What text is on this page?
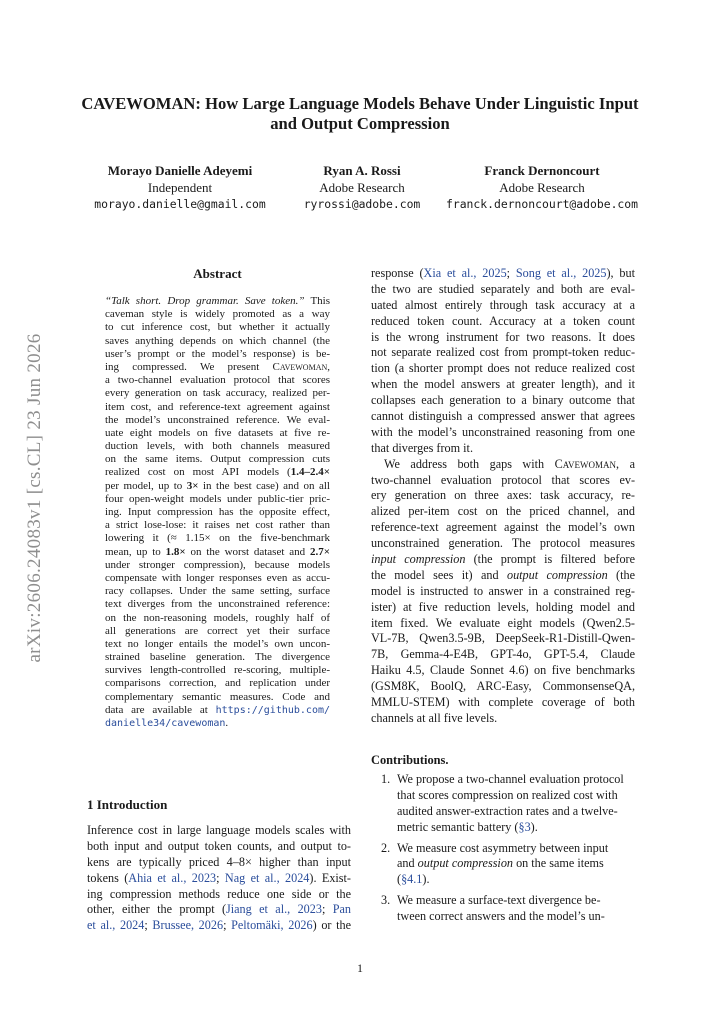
arXiv:2606.24083v1 [cs.CL] 23 Jun 2026
CAVEWOMAN: How Large Language Models Behave Under Linguistic Input and Output Compression
Morayo Danielle Adeyemi
Independent
morayo.danielle@gmail.com
Ryan A. Rossi
Adobe Research
ryrossi@adobe.com
Franck Dernoncourt
Adobe Research
franck.dernoncourt@adobe.com
Abstract
“Talk short. Drop grammar. Save token.” This
caveman style is widely promoted as a way
to cut inference cost, but whether it actually
saves anything depends on which channel (the
user’s prompt or the model’s response) is be-
ing compressed. We present Cavewoman,
a two-channel evaluation protocol that scores
every generation on task accuracy, realized per-
item cost, and reference-text agreement against
the model’s unconstrained reference. We eval-
uate eight models on five datasets at five re-
duction levels, with both channels measured
on the same items. Output compression cuts
realized cost on most API models (1.4–2.4×
per model, up to 3× in the best case) and on all
four open-weight models under public-tier pric-
ing. Input compression has the opposite effect,
a strict lose-lose: it raises net cost rather than
lowering it (≈ 1.15× on the five-benchmark
mean, up to 1.8× on the worst dataset and 2.7×
under stronger compression), because models
compensate with longer responses even as accu-
racy collapses. Under the same setting, surface
text diverges from the unconstrained reference:
on the non-reasoning models, roughly half of
all generations are correct yet their surface
text no longer entails the model’s own uncon-
strained baseline generation. The divergence
survives length-controlled re-scoring, multiple-
comparisons correction, and replication under
complementary semantic measures. Code and
data are available at https://github.com/
danielle34/cavewoman.
1 Introduction
Inference cost in large language models scales with
both input and output token counts, and output to-
kens are typically priced 4–8× higher than input
tokens (Ahia et al., 2023; Nag et al., 2024). Exist-
ing compression methods reduce one side or the
other, either the prompt (Jiang et al., 2023; Pan
et al., 2024; Brussee, 2026; Peltomäki, 2026) or the
response (Xia et al., 2025; Song et al., 2025), but
the two are studied separately and both are eval-
uated almost entirely through task accuracy at a
reduced token count. Accuracy at a token count
is the wrong instrument for two reasons. It does
not separate realized cost from prompt-token reduc-
tion (a shorter prompt does not reduce realized cost
when the model answers at greater length), and it
collapses each generation to a binary outcome that
cannot distinguish a compressed answer that agrees
with the model’s unconstrained reasoning from one
that diverges from it.
We address both gaps with Cavewoman, a
two-channel evaluation protocol that scores ev-
ery generation on three axes: task accuracy, re-
alized per-item cost on the priced channel, and
reference-text agreement against the model’s own
unconstrained generation. The protocol measures
input compression (the prompt is filtered before
the model sees it) and output compression (the
model is instructed to answer in a constrained reg-
ister) at five reduction levels, holding model and
item fixed. We evaluate eight models (Qwen2.5-
VL-7B, Qwen3.5-9B, DeepSeek-R1-Distill-Qwen-
7B, Gemma-4-E4B, GPT-4o, GPT-5.4, Claude
Haiku 4.5, Claude Sonnet 4.6) on five benchmarks
(GSM8K, BoolQ, ARC-Easy, CommonsenseQA,
MMLU-STEM) with complete coverage of both
channels at all five levels.
Contributions.
1. We propose a two-channel evaluation protocol
that scores compression on realized cost with
audited answer-extraction rates and a twelve-
metric semantic battery (§3).
2. We measure cost asymmetry between input
and output compression on the same items
(§4.1).
3. We measure a surface-text divergence be-
tween correct answers and the model’s un-
1
